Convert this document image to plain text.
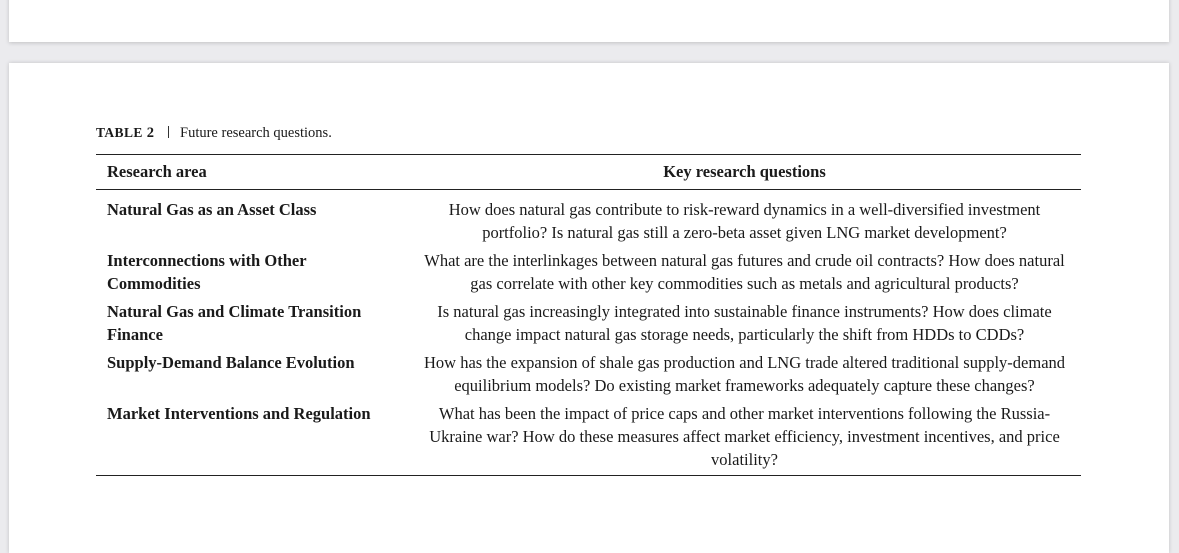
TABLE 2 Future research questions.
Research area	Key research questions
Natural Gas as an Asset Class	How does natural gas contribute to risk-reward dynamics in a well-diversified investment portfolio? Is natural gas still a zero-beta asset given LNG market development?
Interconnections with Other Commodities	What are the interlinkages between natural gas futures and crude oil contracts? How does natural gas correlate with other key commodities such as metals and agricultural products?
Natural Gas and Climate Transition Finance	Is natural gas increasingly integrated into sustainable finance instruments? How does climate change impact natural gas storage needs, particularly the shift from HDDs to CDDs?
Supply-Demand Balance Evolution	How has the expansion of shale gas production and LNG trade altered traditional supply-demand equilibrium models? Do existing market frameworks adequately capture these changes?
Market Interventions and Regulation	What has been the impact of price caps and other market interventions following the Russia-Ukraine war? How do these measures affect market efficiency, investment incentives, and price volatility?
